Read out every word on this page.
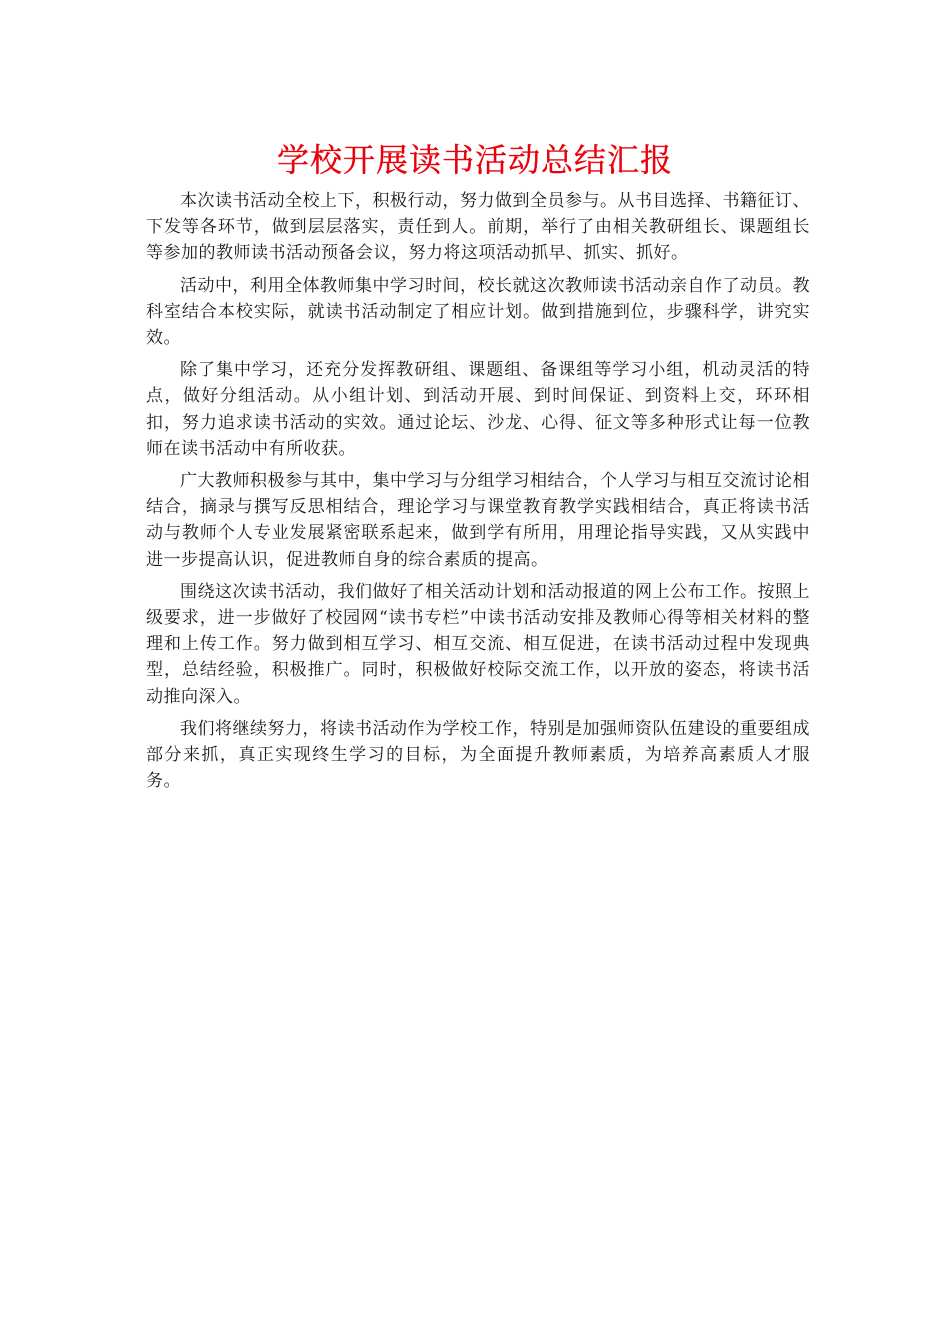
学校开展读书活动总结汇报

本次读书活动全校上下，积极行动，努力做到全员参与。从书目选择、书籍征订、下发等各环节，做到层层落实，责任到人。前期，举行了由相关教研组长、课题组长等参加的教师读书活动预备会议，努力将这项活动抓早、抓实、抓好。

活动中，利用全体教师集中学习时间，校长就这次教师读书活动亲自作了动员。教科室结合本校实际，就读书活动制定了相应计划。做到措施到位，步骤科学，讲究实效。

除了集中学习，还充分发挥教研组、课题组、备课组等学习小组，机动灵活的特点，做好分组活动。从小组计划、到活动开展、到时间保证、到资料上交，环环相扣，努力追求读书活动的实效。通过论坛、沙龙、心得、征文等多种形式让每一位教师在读书活动中有所收获。

广大教师积极参与其中，集中学习与分组学习相结合，个人学习与相互交流讨论相结合，摘录与撰写反思相结合，理论学习与课堂教育教学实践相结合，真正将读书活动与教师个人专业发展紧密联系起来，做到学有所用，用理论指导实践，又从实践中进一步提高认识，促进教师自身的综合素质的提高。

围绕这次读书活动，我们做好了相关活动计划和活动报道的网上公布工作。按照上级要求，进一步做好了校园网“读书专栏”中读书活动安排及教师心得等相关材料的整理和上传工作。努力做到相互学习、相互交流、相互促进，在读书活动过程中发现典型，总结经验，积极推广。同时，积极做好校际交流工作，以开放的姿态，将读书活动推向深入。

我们将继续努力，将读书活动作为学校工作，特别是加强师资队伍建设的重要组成部分来抓，真正实现终生学习的目标，为全面提升教师素质，为培养高素质人才服务。
